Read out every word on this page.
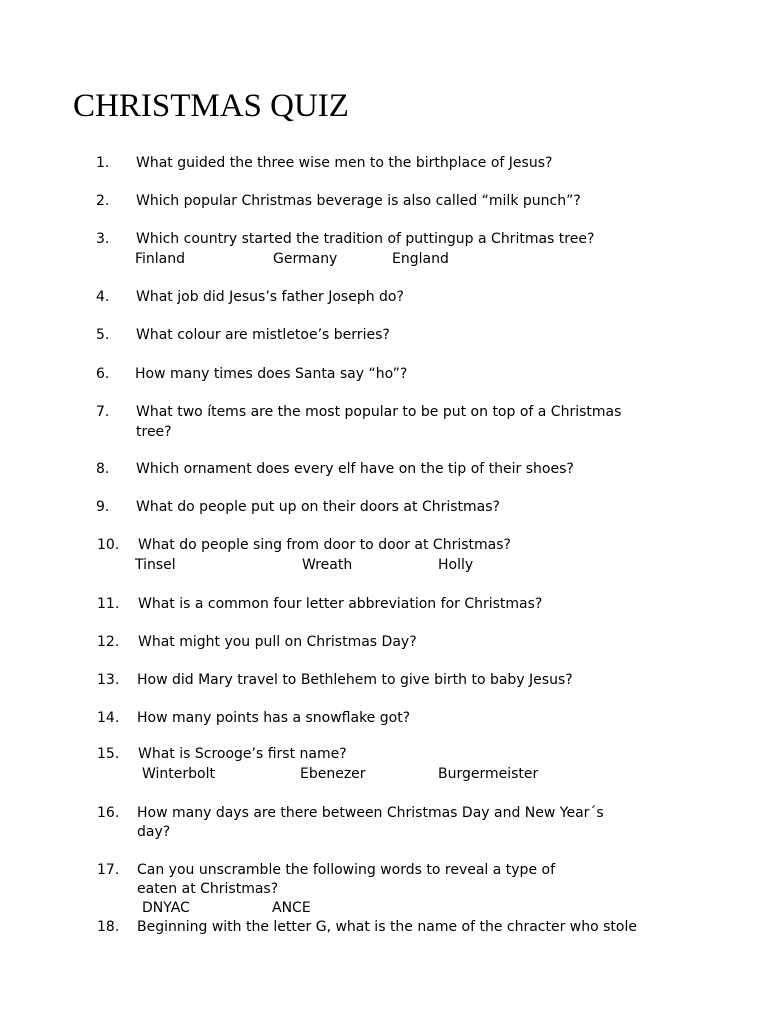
CHRISTMAS QUIZ
1. What guided the three wise men to the birthplace of Jesus?
2. Which popular Christmas beverage is also called “milk punch”?
3. Which country started the tradition of puttingup a Chritmas tree?
Finland	Germany	England
4. What job did Jesus’s father Joseph do?
5. What colour are mistletoe’s berries?
6. How many times does Santa say “ho”?
7. What two ítems are the most popular to be put on top of a Christmas
tree?
8. Which ornament does every elf have on the tip of their shoes?
9. What do people put up on their doors at Christmas?
10. What do people sing from door to door at Christmas?
Tinsel	Wreath	Holly
11. What is a common four letter abbreviation for Christmas?
12. What might you pull on Christmas Day?
13. How did Mary travel to Bethlehem to give birth to baby Jesus?
14. How many points has a snowflake got?
15. What is Scrooge’s first name?
Winterbolt	Ebenezer	Burgermeister
16. How many days are there between Christmas Day and New Year´s
day?
17. Can you unscramble the following words to reveal a type of
eaten at Christmas?
DNYAC	ANCE
18. Beginning with the letter G, what is the name of the chracter who stole
